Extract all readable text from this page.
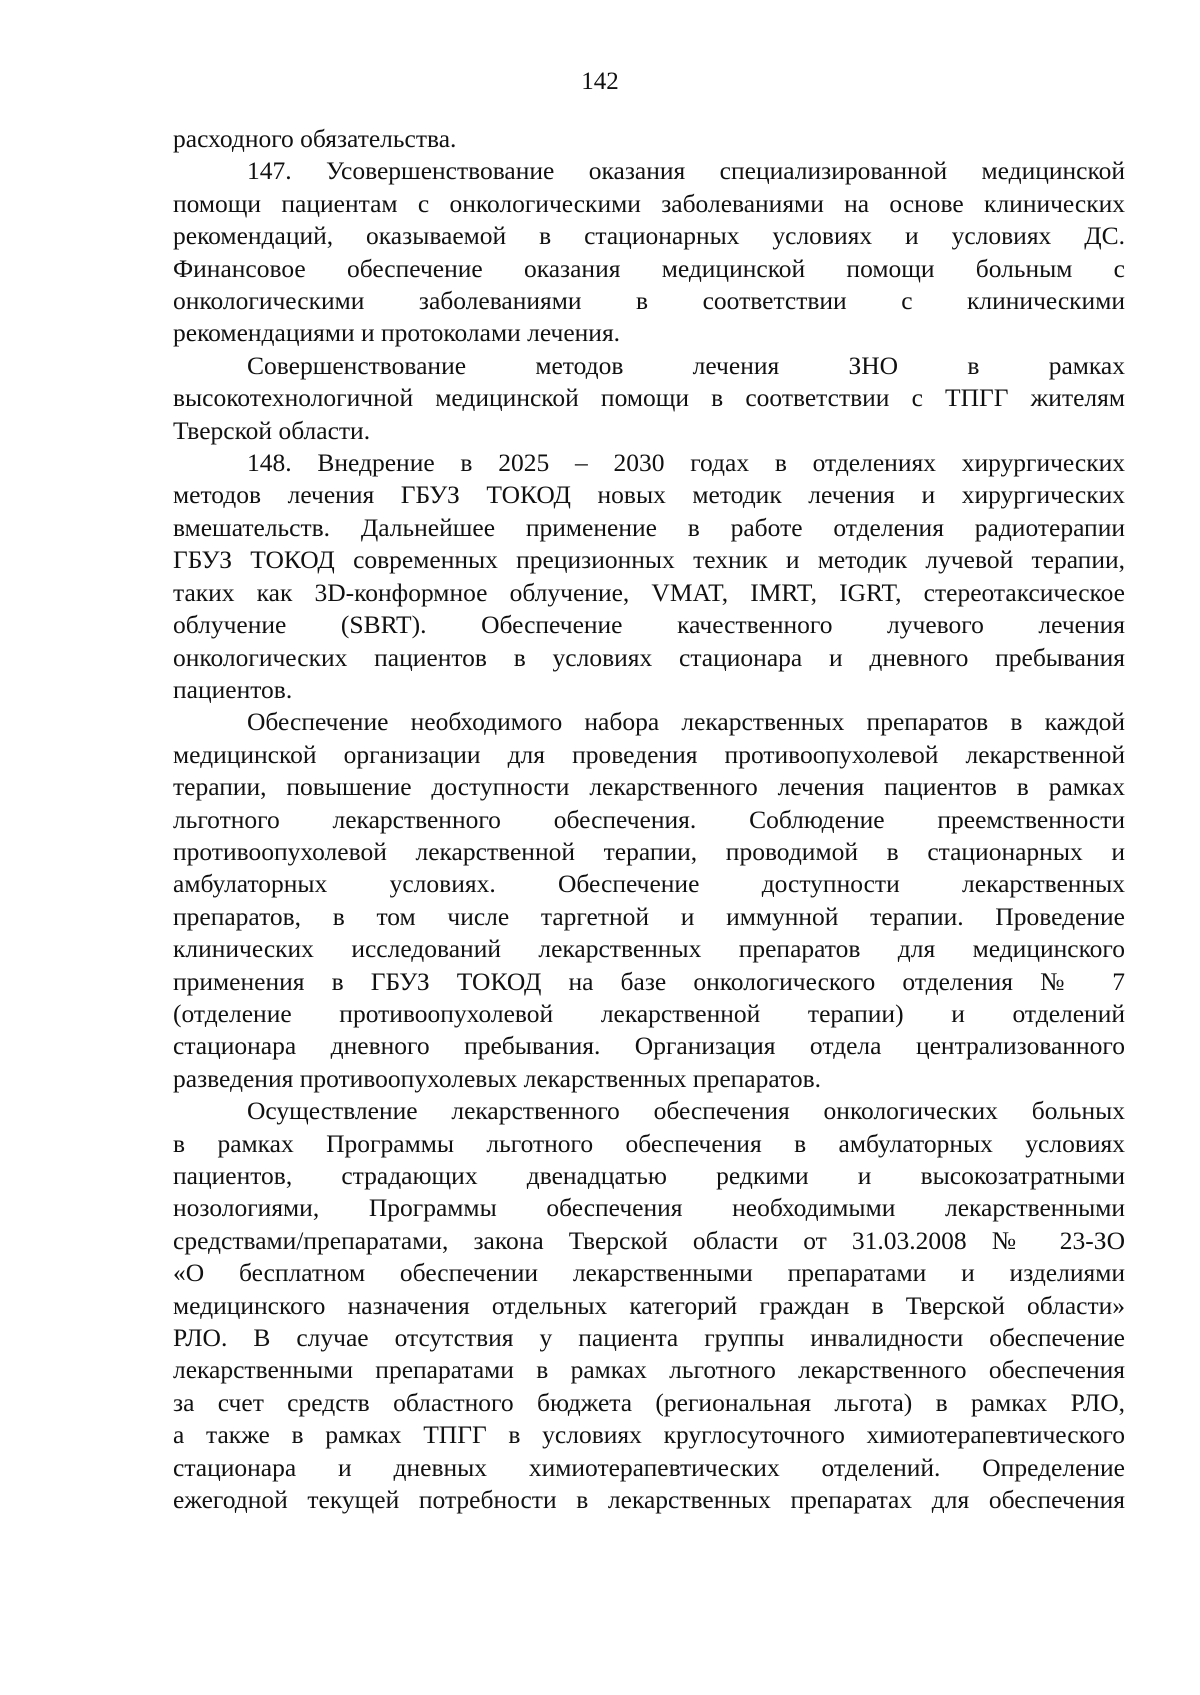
142
расходного обязательства.
147. Усовершенствование оказания специализированной медицинской
помощи пациентам с онкологическими заболеваниями на основе клинических
рекомендаций, оказываемой в стационарных условиях и условиях ДС.
Финансовое обеспечение оказания медицинской помощи больным с
онкологическими заболеваниями в соответствии с клиническими
рекомендациями и протоколами лечения.
Совершенствование методов лечения ЗНО в рамках
высокотехнологичной медицинской помощи в соответствии с ТПГГ жителям
Тверской области.
148. Внедрение в 2025 – 2030 годах в отделениях хирургических
методов лечения ГБУЗ ТОКОД новых методик лечения и хирургических
вмешательств. Дальнейшее применение в работе отделения радиотерапии
ГБУЗ ТОКОД современных прецизионных техник и методик лучевой терапии,
таких как 3D-конформное облучение, VMAT, IMRT, IGRT, стереотаксическое
облучение (SBRT). Обеспечение качественного лучевого лечения
онкологических пациентов в условиях стационара и дневного пребывания
пациентов.
Обеспечение необходимого набора лекарственных препаратов в каждой
медицинской организации для проведения противоопухолевой лекарственной
терапии, повышение доступности лекарственного лечения пациентов в рамках
льготного лекарственного обеспечения. Соблюдение преемственности
противоопухолевой лекарственной терапии, проводимой в стационарных и
амбулаторных условиях. Обеспечение доступности лекарственных
препаратов, в том числе таргетной и иммунной терапии. Проведение
клинических исследований лекарственных препаратов для медицинского
применения в ГБУЗ ТОКОД на базе онкологического отделения № 7
(отделение противоопухолевой лекарственной терапии) и отделений
стационара дневного пребывания. Организация отдела централизованного
разведения противоопухолевых лекарственных препаратов.
Осуществление лекарственного обеспечения онкологических больных
в рамках Программы льготного обеспечения в амбулаторных условиях
пациентов, страдающих двенадцатью редкими и высокозатратными
нозологиями, Программы обеспечения необходимыми лекарственными
средствами/препаратами, закона Тверской области от 31.03.2008 № 23-ЗО
«О бесплатном обеспечении лекарственными препаратами и изделиями
медицинского назначения отдельных категорий граждан в Тверской области»
РЛО. В случае отсутствия у пациента группы инвалидности обеспечение
лекарственными препаратами в рамках льготного лекарственного обеспечения
за счет средств областного бюджета (региональная льгота) в рамках РЛО,
а также в рамках ТПГГ в условиях круглосуточного химиотерапевтического
стационара и дневных химиотерапевтических отделений. Определение
ежегодной текущей потребности в лекарственных препаратах для обеспечения
